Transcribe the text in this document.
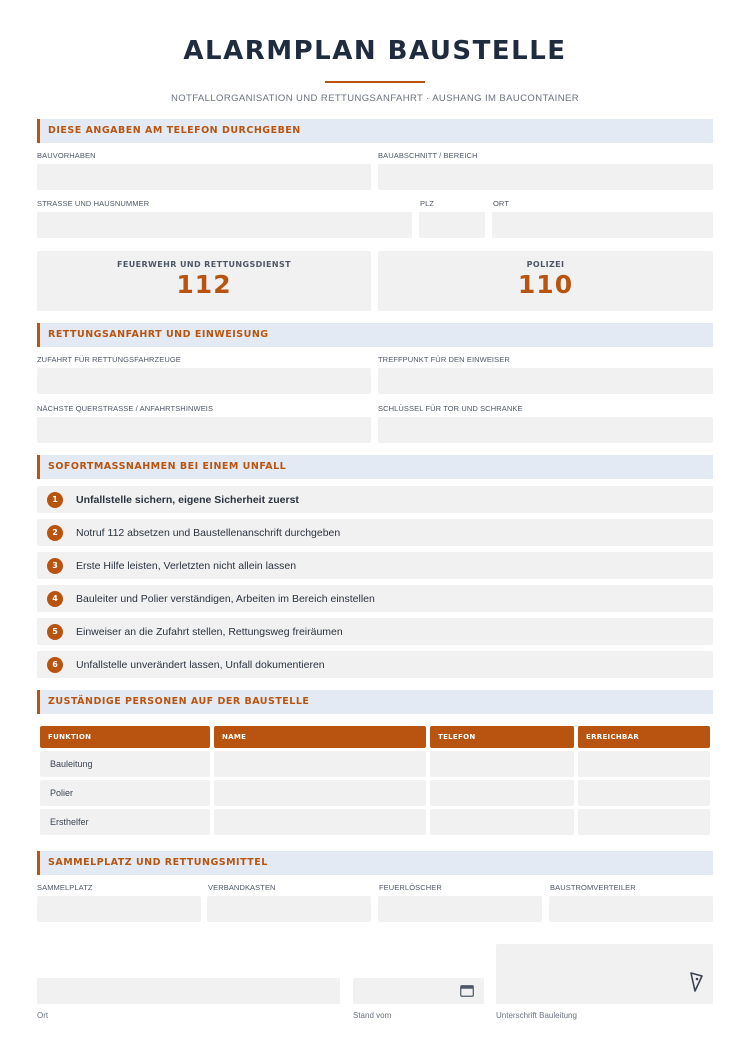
ALARMPLAN BAUSTELLE
NOTFALLORGANISATION UND RETTUNGSANFAHRT · AUSHANG IM BAUCONTAINER
DIESE ANGABEN AM TELEFON DURCHGEBEN
BAUVORHABEN	BAUABSCHNITT / BEREICH
STRASSE UND HAUSNUMMER	PLZ	ORT
FEUERWEHR UND RETTUNGSDIENST
112
POLIZEI
110
RETTUNGSANFAHRT UND EINWEISUNG
ZUFAHRT FÜR RETTUNGSFAHRZEUGE	TREFFPUNKT FÜR DEN EINWEISER
NÄCHSTE QUERSTRASSE / ANFAHRTSHINWEIS	SCHLÜSSEL FÜR TOR UND SCHRANKE
SOFORTMASSNAHMEN BEI EINEM UNFALL
1	Unfallstelle sichern, eigene Sicherheit zuerst
2	Notruf 112 absetzen und Baustellenanschrift durchgeben
3	Erste Hilfe leisten, Verletzten nicht allein lassen
4	Bauleiter und Polier verständigen, Arbeiten im Bereich einstellen
5	Einweiser an die Zufahrt stellen, Rettungsweg freiräumen
6	Unfallstelle unverändert lassen, Unfall dokumentieren
ZUSTÄNDIGE PERSONEN AUF DER BAUSTELLE
FUNKTION	NAME	TELEFON	ERREICHBAR
Bauleitung
Polier
Ersthelfer
SAMMELPLATZ UND RETTUNGSMITTEL
SAMMELPLATZ	VERBANDKASTEN	FEUERLÖSCHER	BAUSTROMVERTEILER
Ort	Stand vom	Unterschrift Bauleitung
